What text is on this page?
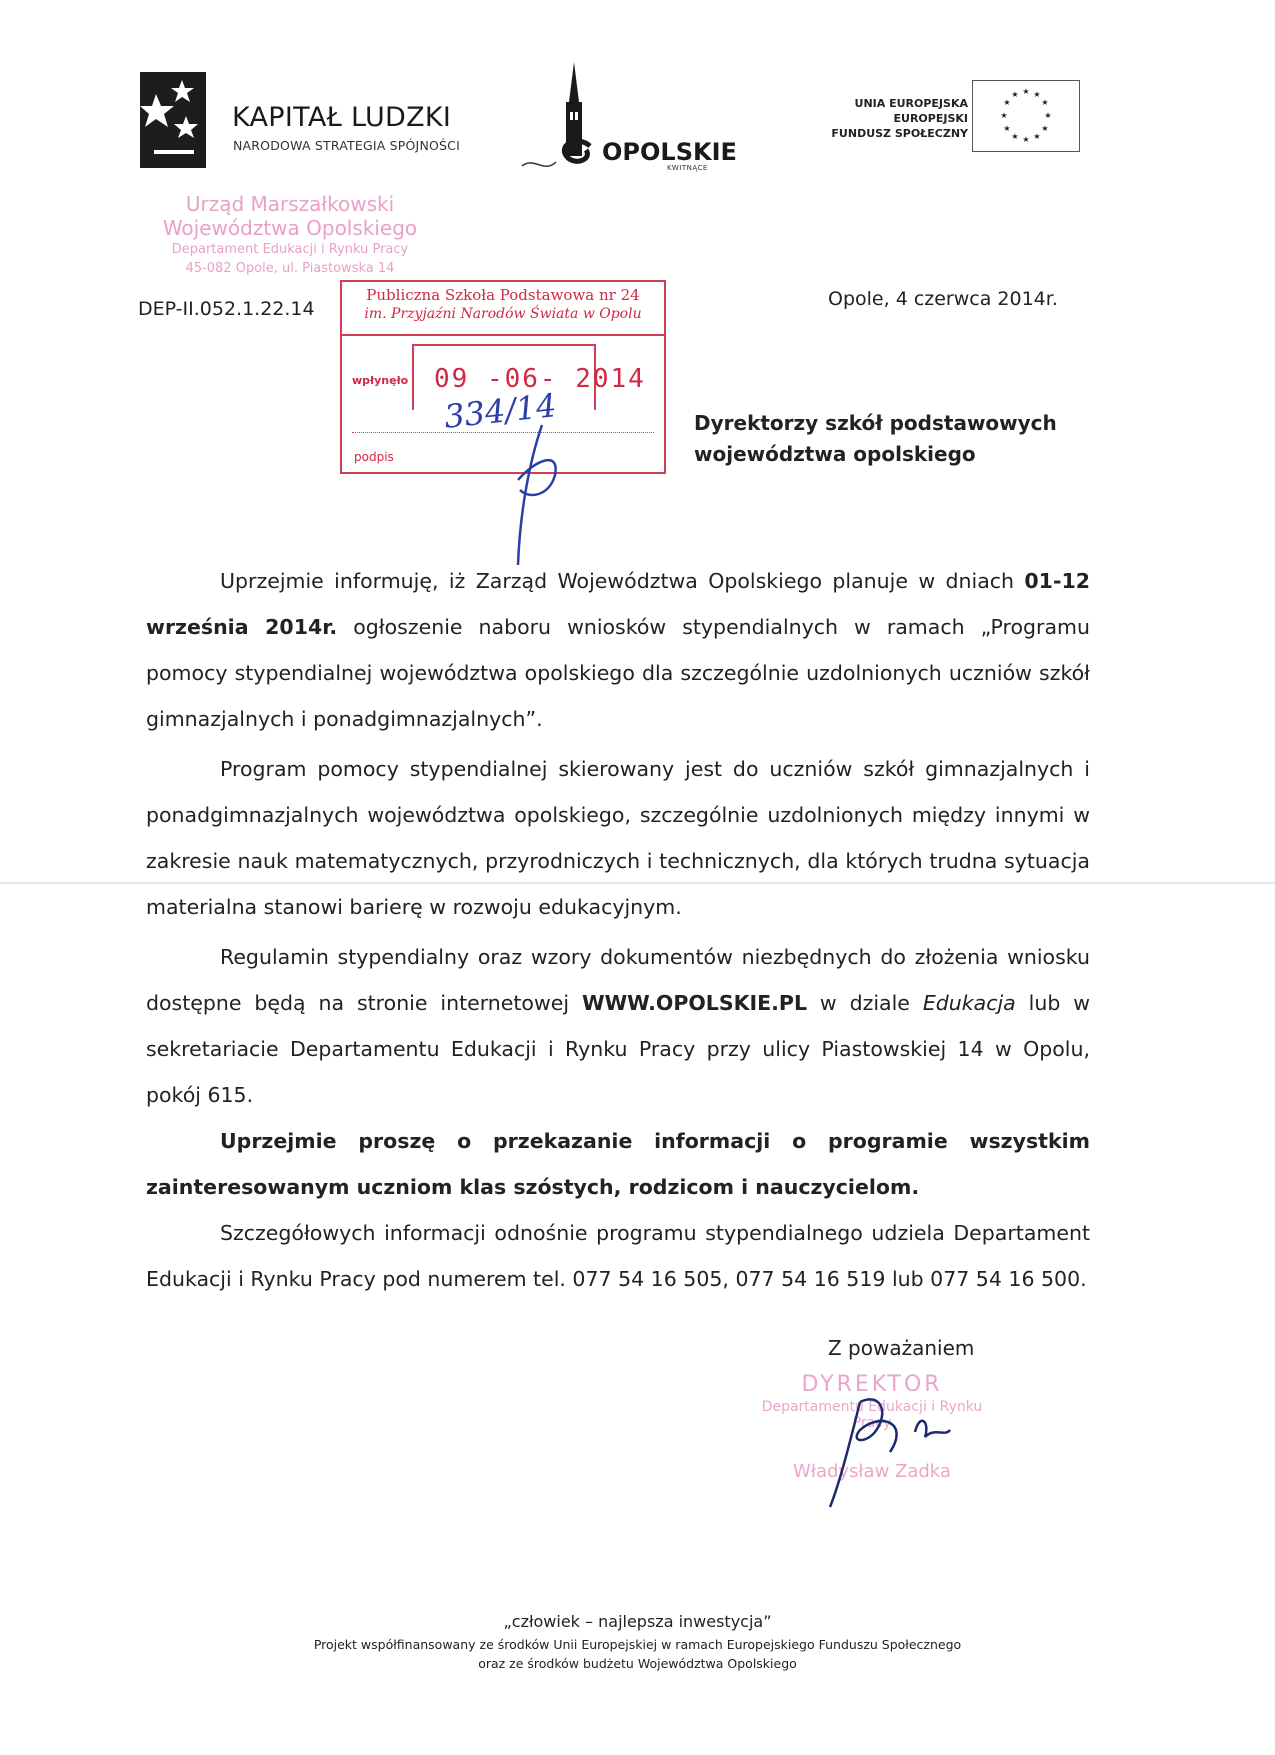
KAPITAŁ LUDZKI
NARODOWA STRATEGIA SPÓJNOŚCI	OPOLSKIE
KWITNĄCE
UNIA EUROPEJSKA
EUROPEJSKI
FUNDUSZ SPOŁECZNY
★ ★
★
★
★
★
★
★
★
★
★
★
Urząd Marszałkowski
Województwa Opolskiego
Departament Edukacji i Rynku Pracy
45-082 Opole, ul. Piastowska 14
DEP-II.052.1.22.14	Opole, 4 czerwca 2014r.
Publiczna Szkoła Podstawowa nr 24
im. Przyjaźni Narodów Świata w Opolu
wpłynęło 09 -06- 2014
podpis
334/14	Dyrektorzy szkół podstawowych
województwa opolskiego

Uprzejmie informuję, iż Zarząd Województwa Opolskiego planuje w dniach 01-12 września 2014r. ogłoszenie naboru wniosków stypendialnych w ramach „Programu pomocy stypendialnej województwa opolskiego dla szczególnie uzdolnionych uczniów szkół gimnazjalnych i ponadgimnazjalnych”.

Program pomocy stypendialnej skierowany jest do uczniów szkół gimnazjalnych i ponadgimnazjalnych województwa opolskiego, szczególnie uzdolnionych między innymi w zakresie nauk matematycznych, przyrodniczych i technicznych, dla których trudna sytuacja materialna stanowi barierę w rozwoju edukacyjnym.

Regulamin stypendialny oraz wzory dokumentów niezbędnych do złożenia wniosku dostępne będą na stronie internetowej WWW.OPOLSKIE.PL w dziale Edukacja lub w sekretariacie Departamentu Edukacji i Rynku Pracy przy ulicy Piastowskiej 14 w Opolu, pokój 615.

Uprzejmie proszę o przekazanie informacji o programie wszystkim zainteresowanym uczniom klas szóstych, rodzicom i nauczycielom.

Szczegółowych informacji odnośnie programu stypendialnego udziela Departament Edukacji i Rynku Pracy pod numerem tel. 077 54 16 505, 077 54 16 519 lub 077 54 16 500.

Z poważaniem
DYREKTOR
Departamentu Edukacji i Rynku Pracy
Władysław Zadka
„człowiek – najlepsza inwestycja”
Projekt współfinansowany ze środków Unii Europejskiej w ramach Europejskiego Funduszu Społecznego
oraz ze środków budżetu Województwa Opolskiego
